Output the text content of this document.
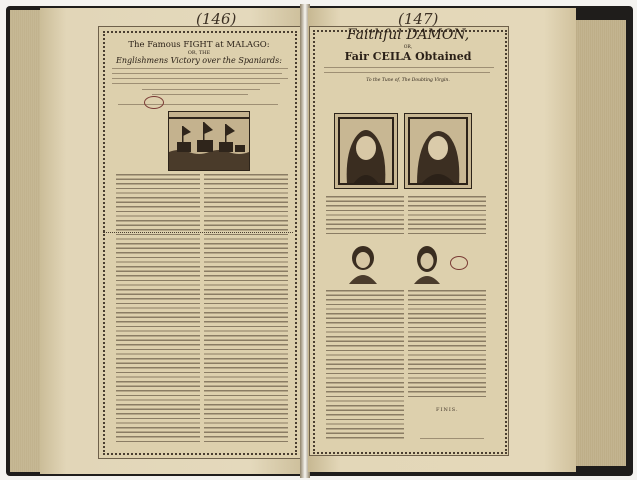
(146)
The Famous FIGHT at MALAGO:
OR, THE
Englishmens Victory over the Spaniards:
(147)
Faithful DAMON,
OR,
Fair CEILA Obtained
To the Tune of, The Doubting Virgin.
FINIS.
